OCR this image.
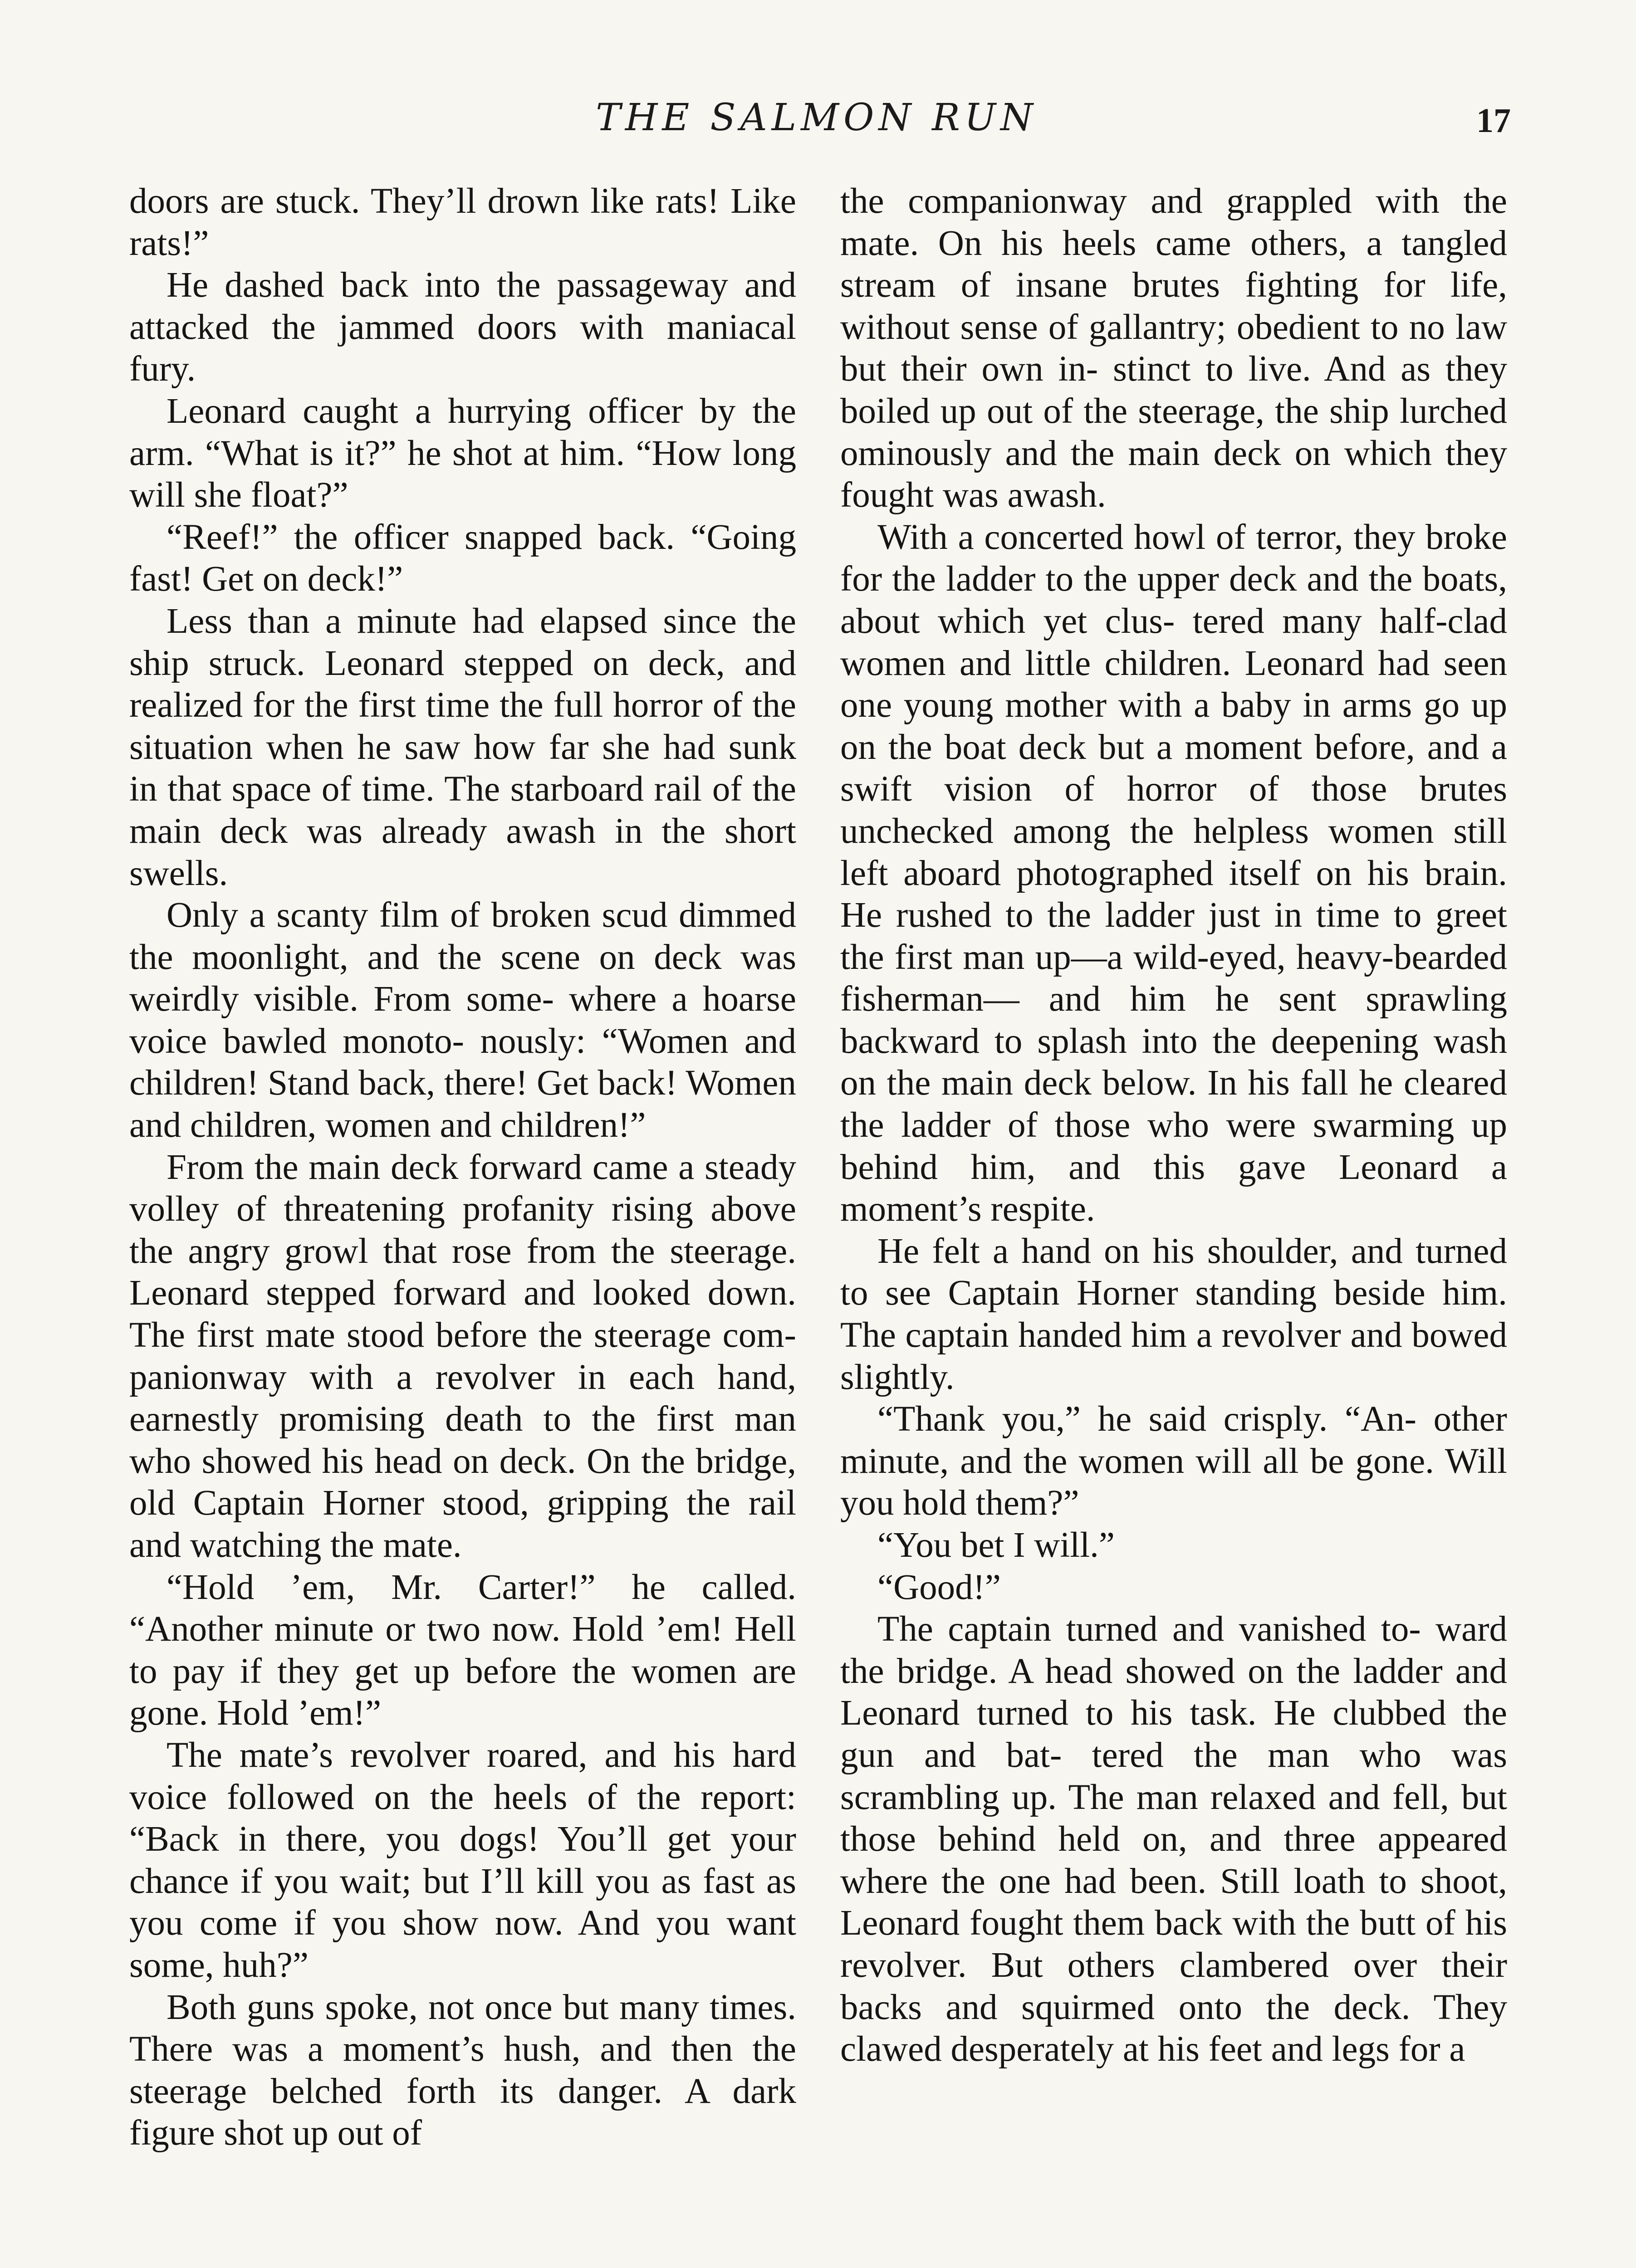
THE SALMON RUN	17

doors are stuck. They’ll drown like rats! Like rats!”

He dashed back into the passageway and attacked the jammed doors with maniacal fury.

Leonard caught a hurrying officer by the arm. “What is it?” he shot at him. “How long will she float?”

“Reef!” the officer snapped back. “Going fast! Get on deck!”

Less than a minute had elapsed since the ship struck. Leonard stepped on deck, and realized for the first time the full horror of the situation when he saw how far she had sunk in that space of time. The starboard rail of the main deck was already awash in the short swells.

Only a scanty film of broken scud dimmed the moonlight, and the scene on deck was weirdly visible. From some- where a hoarse voice bawled monoto- nously: “Women and children! Stand back, there! Get back! Women and children, women and children!”

From the main deck forward came a steady volley of threatening profanity rising above the angry growl that rose from the steerage. Leonard stepped forward and looked down. The first mate stood before the steerage com- panionway with a revolver in each hand, earnestly promising death to the first man who showed his head on deck. On the bridge, old Captain Horner stood, gripping the rail and watching the mate.

“Hold ’em, Mr. Carter!” he called. “Another minute or two now. Hold ’em! Hell to pay if they get up before the women are gone. Hold ’em!”

The mate’s revolver roared, and his hard voice followed on the heels of the report: “Back in there, you dogs! You’ll get your chance if you wait; but I’ll kill you as fast as you come if you show now. And you want some, huh?”

Both guns spoke, not once but many times. There was a moment’s hush, and then the steerage belched forth its danger. A dark figure shot up out of

the companionway and grappled with the mate. On his heels came others, a tangled stream of insane brutes fighting for life, without sense of gallantry; obedient to no law but their own in- stinct to live. And as they boiled up out of the steerage, the ship lurched ominously and the main deck on which they fought was awash.

With a concerted howl of terror, they broke for the ladder to the upper deck and the boats, about which yet clus- tered many half-clad women and little children. Leonard had seen one young mother with a baby in arms go up on the boat deck but a moment before, and a swift vision of horror of those brutes unchecked among the helpless women still left aboard photographed itself on his brain. He rushed to the ladder just in time to greet the first man up—a wild-eyed, heavy-bearded fisherman— and him he sent sprawling backward to splash into the deepening wash on the main deck below. In his fall he cleared the ladder of those who were swarming up behind him, and this gave Leonard a moment’s respite.

He felt a hand on his shoulder, and turned to see Captain Horner standing beside him. The captain handed him a revolver and bowed slightly.

“Thank you,” he said crisply. “An- other minute, and the women will all be gone. Will you hold them?”

“You bet I will.”

“Good!”

The captain turned and vanished to- ward the bridge. A head showed on the ladder and Leonard turned to his task. He clubbed the gun and bat- tered the man who was scrambling up. The man relaxed and fell, but those behind held on, and three appeared where the one had been. Still loath to shoot, Leonard fought them back with the butt of his revolver. But others clambered over their backs and squirmed onto the deck. They clawed desperately at his feet and legs for a
